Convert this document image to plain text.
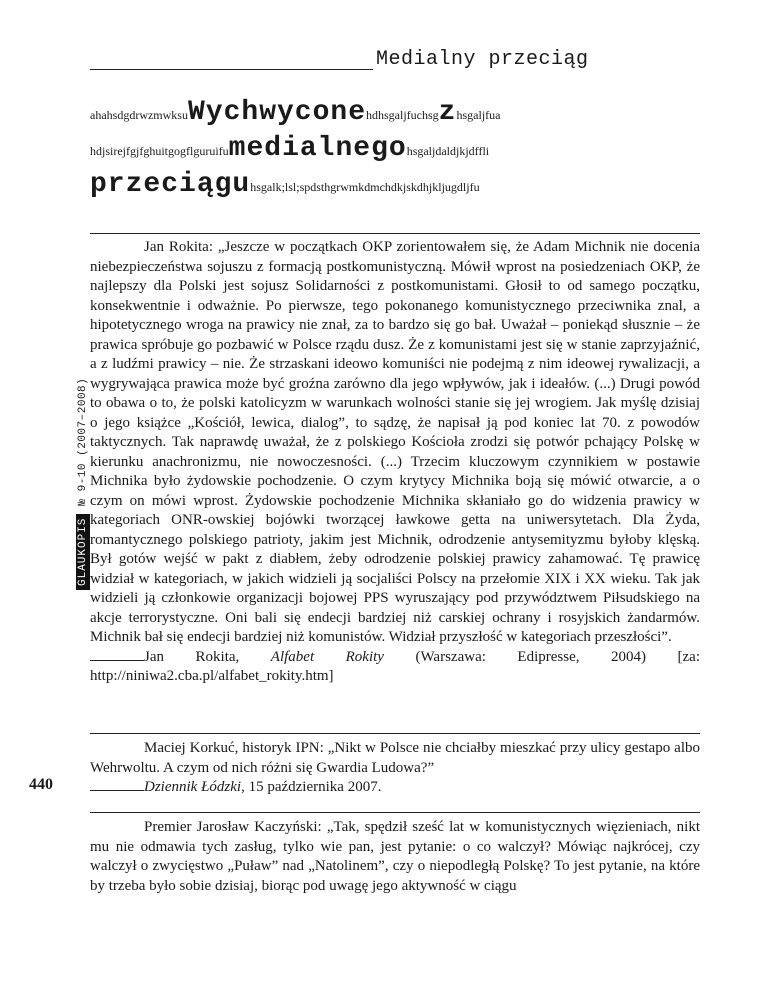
Medialny przeciąg
ahahsdgdrwzmwksuWychwyconehdhsgaljfuchsgzhsgaljfua
hdjsirejfgjfghuitgogflguruifumedialnegohsgaljdaldjkjdffli
przeciąguhsgalk;lsl;spdsthgrwmkdmchdkjskdhjkljugdljfu
GLAUKOPIS№ 9-10 (2007–2008)
440

Jan Rokita: „Jeszcze w początkach OKP zorientowałem się, że Adam Michnik nie docenia niebezpieczeństwa sojuszu z formacją postkomunistyczną. Mówił wprost na posiedzeniach OKP, że najlepszy dla Polski jest sojusz Solidarności z postkomunistami. Głosił to od samego początku, konsekwentnie i odważnie. Po pierwsze, tego pokonanego komunistycznego przeciwnika znal, a hipotetycznego wroga na prawicy nie znał, za to bardzo się go bał. Uważał – poniekąd słusznie – że prawica spróbuje go pozbawić w Polsce rządu dusz. Że z komunistami jest się w stanie zaprzyjaźnić, a z ludźmi prawicy – nie. Że strzaskani ideowo komuniści nie podejmą z nim ideowej rywalizacji, a wygrywająca prawica może być groźna zarówno dla jego wpływów, jak i ideałów. (...) Drugi powód to obawa o to, że polski katolicyzm w warunkach wolności stanie się jej wrogiem. Jak myślę dzisiaj o jego książce „Kościół, lewica, dialog”, to sądzę, że napisał ją pod koniec lat 70. z powodów taktycznych. Tak naprawdę uważał, że z polskiego Kościoła zrodzi się potwór pchający Polskę w kierunku anachronizmu, nie nowoczesności. (...) Trzecim kluczowym czynnikiem w postawie Michnika było żydowskie pochodzenie. O czym krytycy Michnika boją się mówić otwarcie, a o czym on mówi wprost. Żydowskie pochodzenie Michnika skłaniało go do widzenia prawicy w kategoriach ONR-owskiej bojówki tworzącej ławkowe getta na uniwersytetach. Dla Żyda, romantycznego polskiego patrioty, jakim jest Michnik, odrodzenie antysemityzmu byłoby klęską. Był gotów wejść w pakt z diabłem, żeby odrodzenie polskiej prawicy zahamować. Tę prawicę widział w kategoriach, w jakich widzieli ją socjaliści Polscy na przełomie XIX i XX wieku. Tak jak widzieli ją członkowie organizacji bojowej PPS wyruszający pod przywództwem Piłsudskiego na akcje terrorystyczne. Oni bali się endecji bardziej niż carskiej ochrany i rosyjskich żandarmów. Michnik bał się endecji bardziej niż komunistów. Widział przyszłość w kategoriach przeszłości”.

Jan Rokita, Alfabet Rokity (Warszawa: Edipresse, 2004) [za: http://niniwa2.cba.pl/alfabet_rokity.htm]

Maciej Korkuć, historyk IPN: „Nikt w Polsce nie chciałby mieszkać przy ulicy gestapo albo Wehrwoltu. A czym od nich różni się Gwardia Ludowa?”

Dziennik Łódzki, 15 października 2007.

Premier Jarosław Kaczyński: „Tak, spędził sześć lat w komunistycznych więzieniach, nikt mu nie odmawia tych zasług, tylko wie pan, jest pytanie: o co walczył? Mówiąc najkrócej, czy walczył o zwycięstwo „Puław” nad „Natolinem”, czy o niepodległą Polskę? To jest pytanie, na które by trzeba było sobie dzisiaj, biorąc pod uwagę jego aktywność w ciągu
